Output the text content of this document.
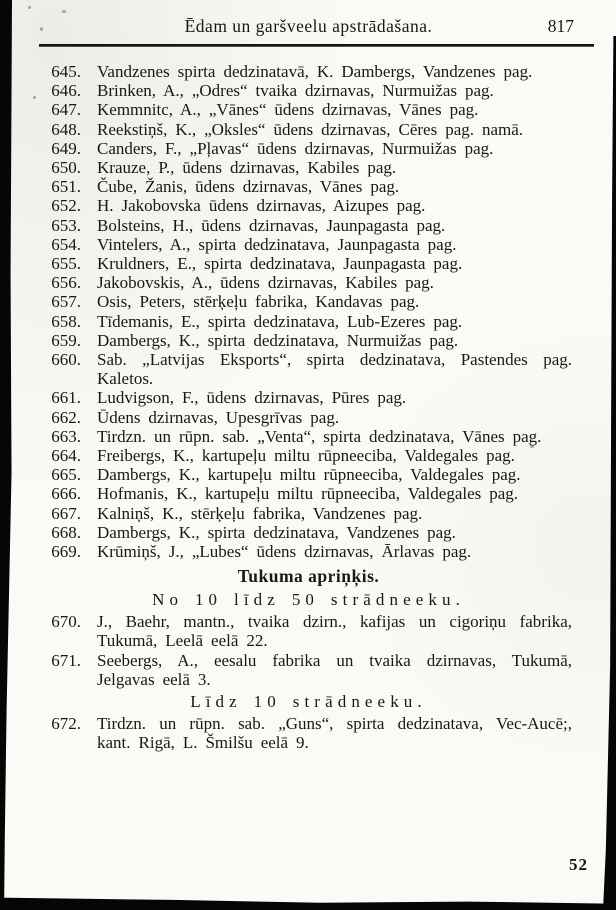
Ēdam un garšveelu apstrādašana.	817
645. Vandzenes spirta dedzinatavā, K. Dambergs, Vandzenes pag.
646. Brinken, A., „Odres“ tvaika dzirnavas, Nurmuižas pag.
647. Kemmnitc, A., „Vānes“ ūdens dzirnavas, Vānes pag.
648. Reekstiņš, K., „Oksles“ ūdens dzirnavas, Cēres pag. namā.
649. Canders, F., „Pļavas“ ūdens dzirnavas, Nurmuižas pag.
650. Krauze, P., ūdens dzirnavas, Kabiles pag.
651. Čube, Žanis, ūdens dzirnavas, Vānes pag.
652. H. Jakobovska ūdens dzirnavas, Aizupes pag.
653. Bolsteins, H., ūdens dzirnavas, Jaunpagasta pag.
654. Vintelers, A., spirta dedzinatava, Jaunpagasta pag.
655. Kruldners, E., spirta dedzinatava, Jaunpagasta pag.
656. Jakobovskis, A., ūdens dzirnavas, Kabiles pag.
657. Osis, Peters, stērķeļu fabrika, Kandavas pag.
658. Tīdemanis, E., spirta dedzinatava, Lub-Ezeres pag.
659. Dambergs, K., spirta dedzinatava, Nurmuižas pag.
660. Sab. „Latvijas Eksports“, spirta dedzinatava, Pastendes pag. Kaletos.
661. Ludvigson, F., ūdens dzirnavas, Pūres pag.
662. Ūdens dzirnavas, Upesgrīvas pag.
663. Tirdzn. un rūpn. sab. „Venta“, spirta dedzinatava, Vānes pag.
664. Freibergs, K., kartupeļu miltu rūpneeciba, Valdegales pag.
665. Dambergs, K., kartupeļu miltu rūpneeciba, Valdegales pag.
666. Hofmanis, K., kartupeļu miltu rūpneeciba, Valdegales pag.
667. Kalniņš, K., stērķeļu fabrika, Vandzenes pag.
668. Dambergs, K., spirta dedzinatava, Vandzenes pag.
669. Krūmiņš, J., „Lubes“ ūdens dzirnavas, Ārlavas pag.
Tukuma apriņķis.
No 10 līdz 50 strādneeku.
670. J., Baehr, mantn., tvaika dzirn., kafijas un cigoriņu fabrika, Tukumā, Leelā eelā 22.
671. Seebergs, A., eesalu fabrika un tvaika dzirnavas, Tukumā, Jelgavas eelā 3.
Līdz 10 strādneeku.
672. Tirdzn. un rūpn. sab. „Guns“, spirta dedzinatava, Vec-Aucē;, kant. Rigā, L. Šmilšu eelā 9.
52
